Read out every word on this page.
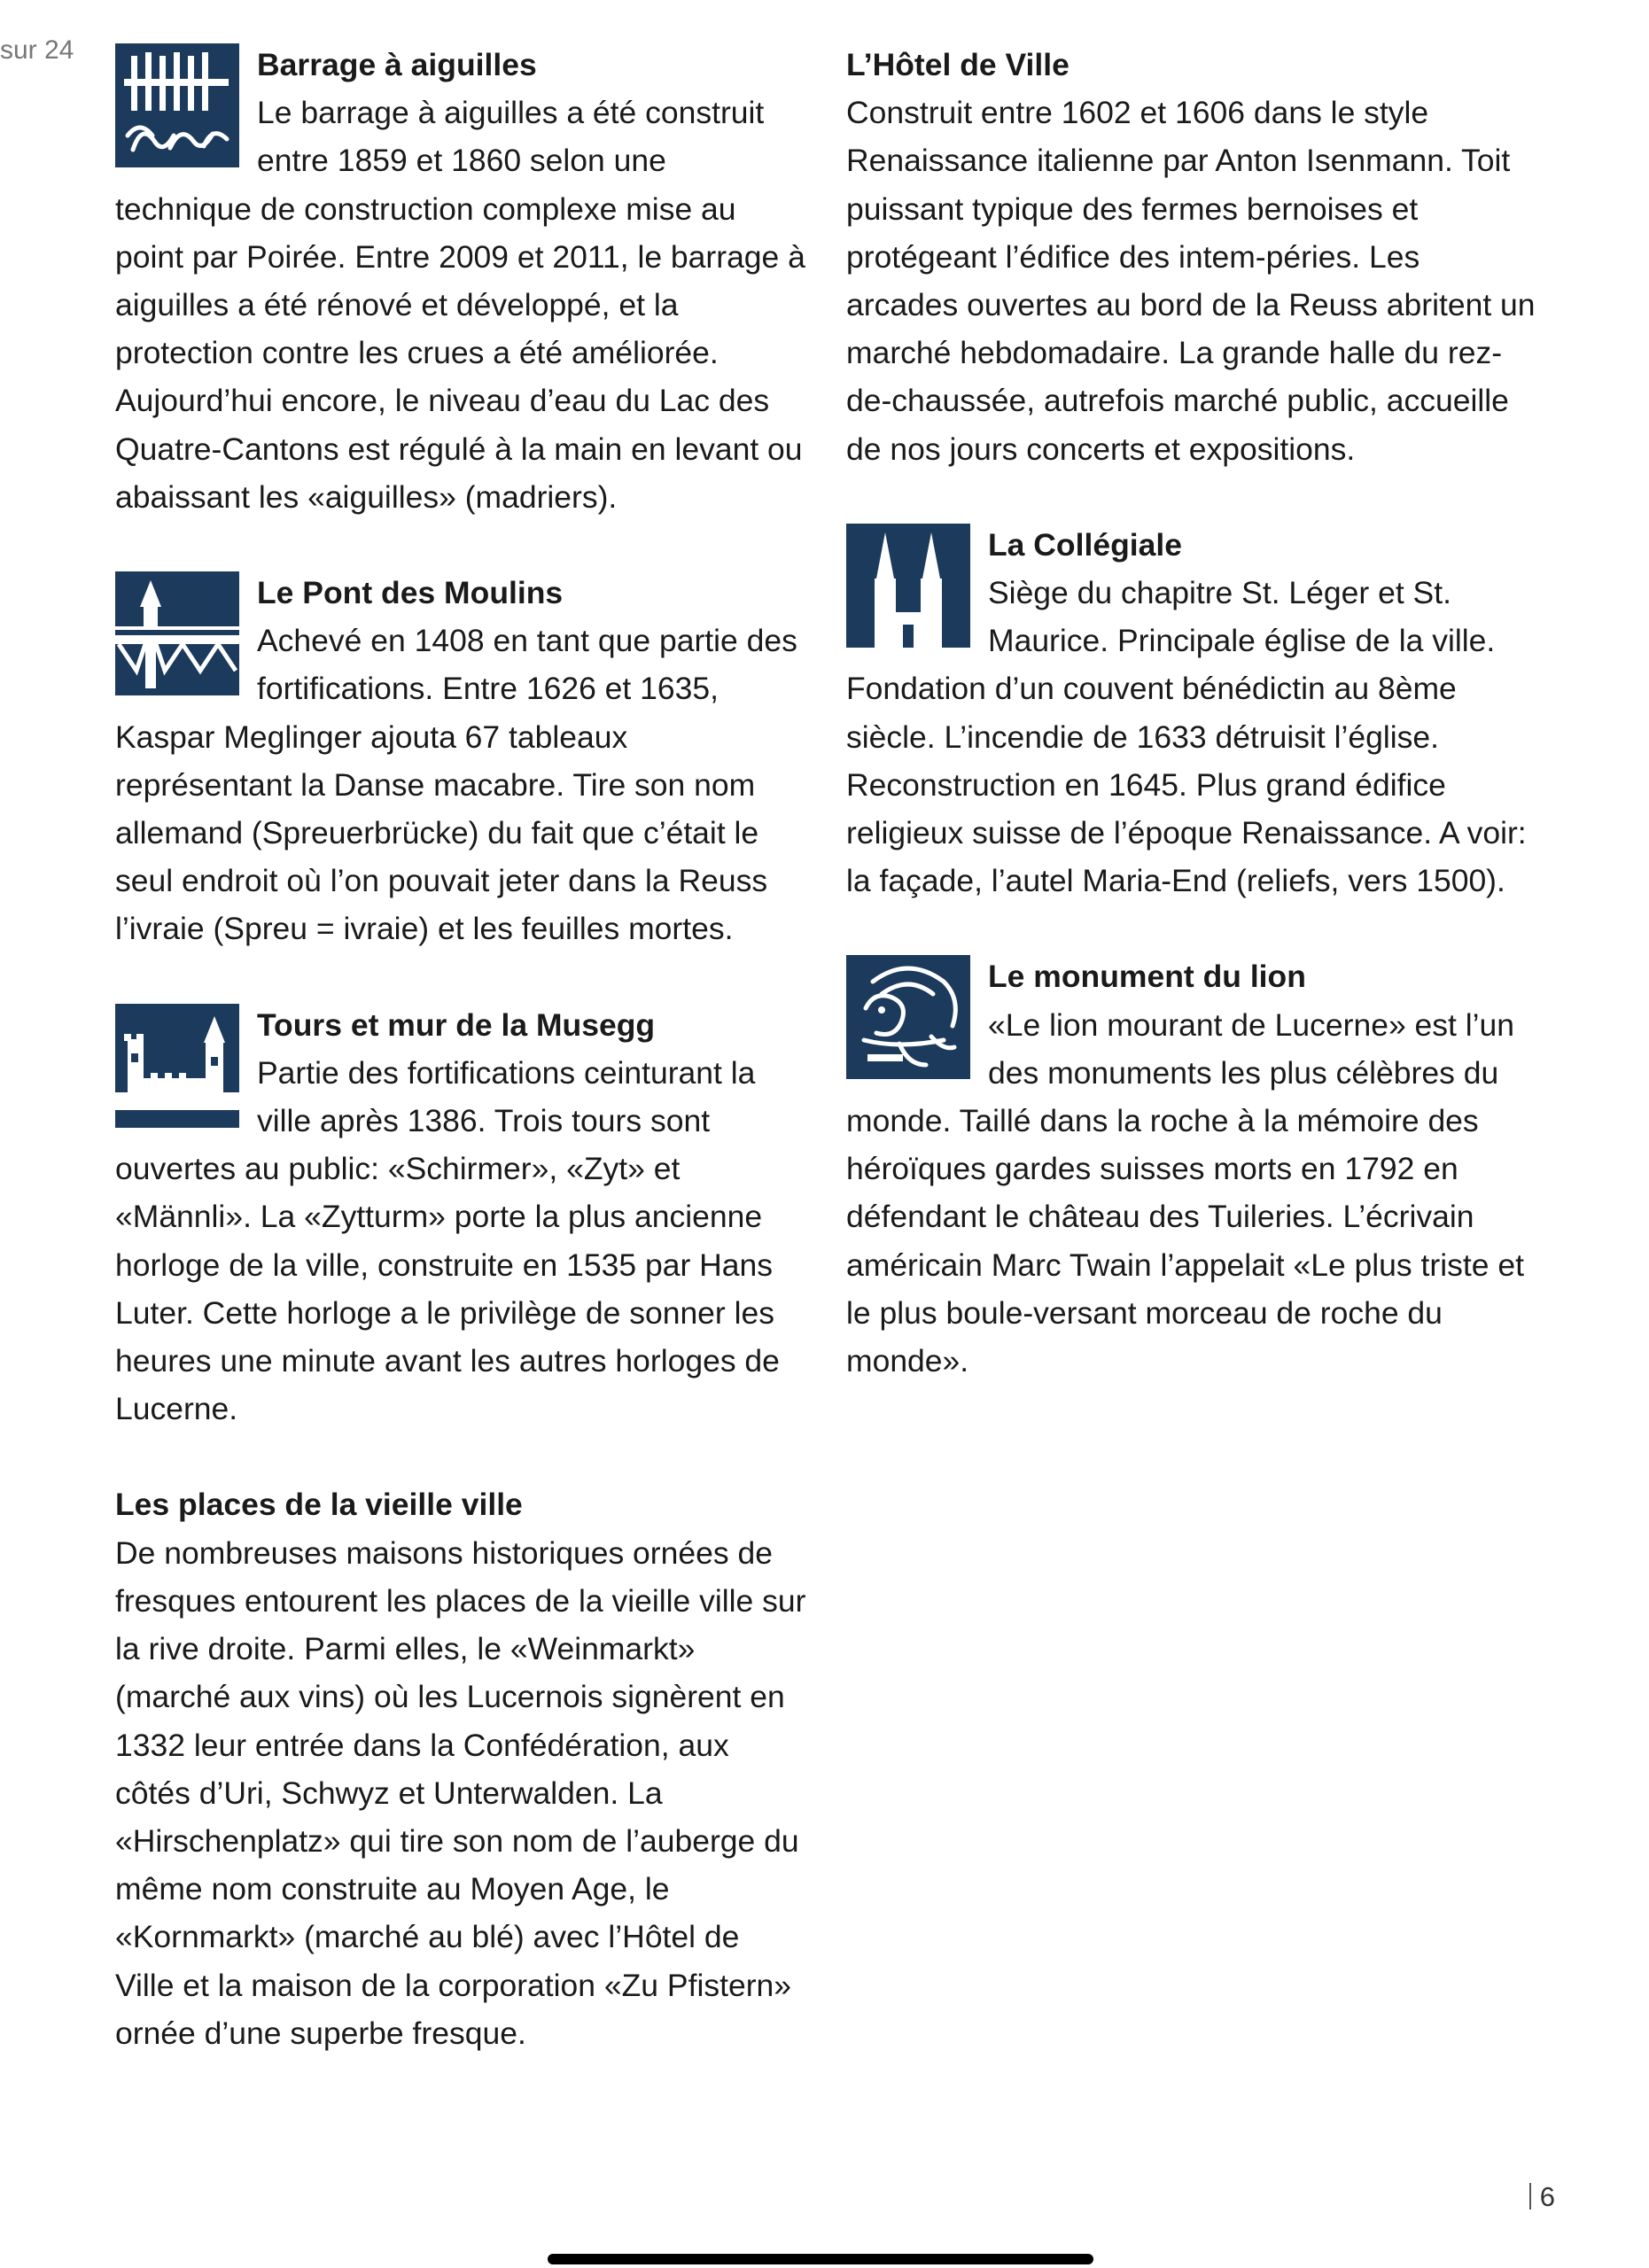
sur 24	Barrage à aiguilles
Le barrage à aiguilles a été construit entre 1859 et 1860 selon une technique de construction complexe mise au point par Poirée. Entre 2009 et 2011, le barrage à aiguilles a été rénové et développé, et la protection contre les crues a été améliorée. Aujourd’hui encore, le niveau d’eau du Lac des Quatre-Cantons est régulé à la main en levant ou abaissant les «aiguilles» (madriers).

Le Pont des Moulins
Achevé en 1408 en tant que partie des fortifications. Entre 1626 et 1635, Kaspar Meglinger ajouta 67 tableaux représentant la Danse macabre. Tire son nom allemand (Spreuerbrücke) du fait que c’était le seul endroit où l’on pouvait jeter dans la Reuss l’ivraie (Spreu = ivraie) et les feuilles mortes.

Tours et mur de la Musegg
Partie des fortifications ceinturant la ville après 1386. Trois tours sont ouvertes au public: «Schirmer», «Zyt» et «Männli». La «Zytturm» porte la plus ancienne horloge de la ville, construite en 1535 par Hans Luter. Cette horloge a le privilège de sonner les heures une minute avant les autres horloges de Lucerne.

Les places de la vieille ville
De nombreuses maisons historiques ornées de fresques entourent les places de la vieille ville sur la rive droite. Parmi elles, le «Weinmarkt» (marché aux vins) où les Lucernois signèrent en 1332 leur entrée dans la Confédération, aux côtés d’Uri, Schwyz et Unterwalden. La «Hirschenplatz» qui tire son nom de l’auberge du même nom construite au Moyen Age, le «Kornmarkt» (marché au blé) avec l’Hôtel de Ville et la maison de la corporation «Zu Pfistern» ornée d’une superbe fresque.

L’Hôtel de Ville
Construit entre 1602 et 1606 dans le style Renaissance italienne par Anton Isenmann. Toit puissant typique des fermes bernoises et protégeant l’édifice des intem-péries. Les arcades ouvertes au bord de la Reuss abritent un marché hebdomadaire. La grande halle du rez-de-chaussée, autrefois marché public, accueille de nos jours concerts et expositions.

La Collégiale
Siège du chapitre St. Léger et St. Maurice. Principale église de la ville. Fondation d’un couvent bénédictin au 8ème siècle. L’incendie de 1633 détruisit l’église. Reconstruction en 1645. Plus grand édifice religieux suisse de l’époque Renaissance. A voir: la façade, l’autel Maria-End (reliefs, vers 1500).

Le monument du lion
«Le lion mourant de Lucerne» est l’un des monuments les plus célèbres du monde. Taillé dans la roche à la mémoire des héroïques gardes suisses morts en 1792 en défendant le château des Tuileries. L’écrivain américain Marc Twain l’appelait «Le plus triste et le plus boule-versant morceau de roche du monde».

6
